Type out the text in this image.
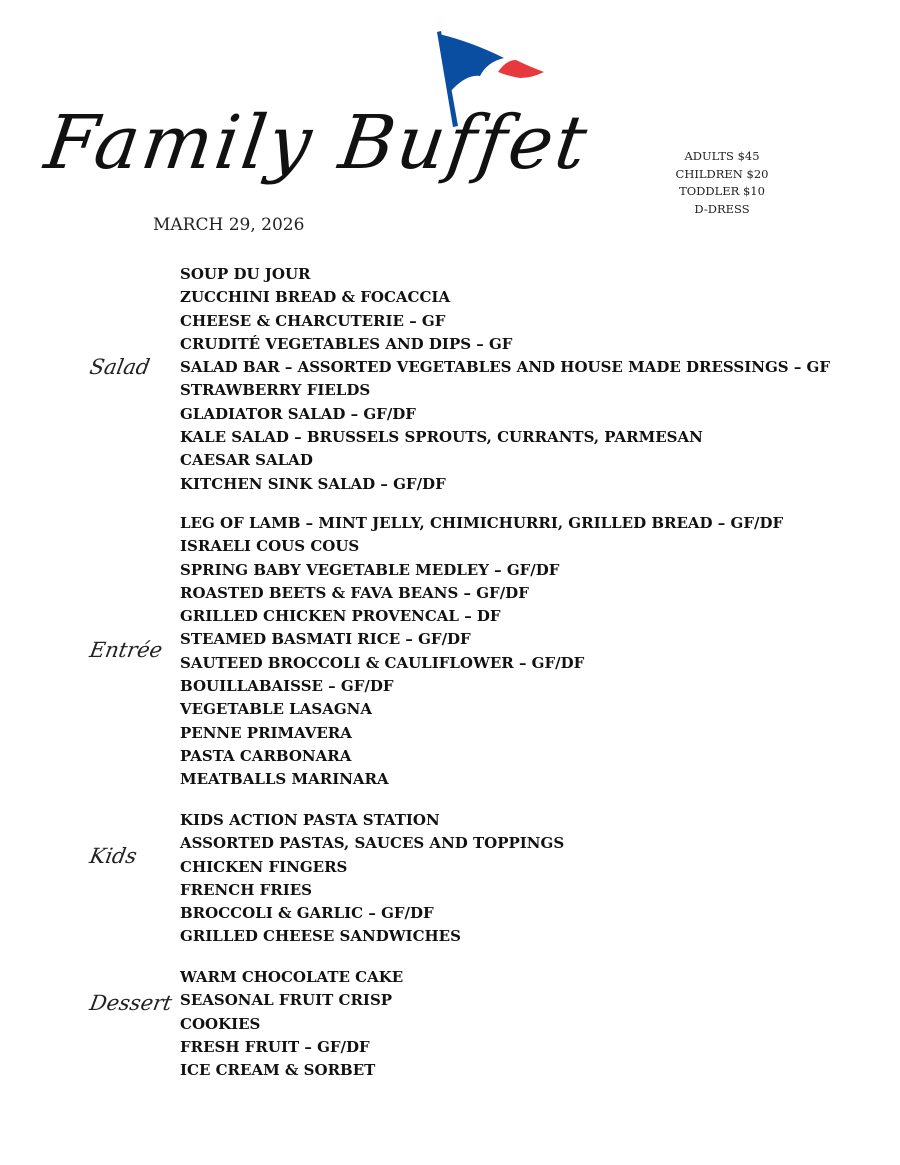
Family Buffet
MARCH 29, 2026
ADULTS $45
CHILDREN $20
TODDLER $10
D-DRESS
Salad
SOUP DU JOUR
ZUCCHINI BREAD & FOCACCIA
CHEESE & CHARCUTERIE – GF
CRUDITÉ VEGETABLES AND DIPS – GF
SALAD BAR – ASSORTED VEGETABLES AND HOUSE MADE DRESSINGS – GF
STRAWBERRY FIELDS
GLADIATOR SALAD – GF/DF
KALE SALAD – BRUSSELS SPROUTS, CURRANTS, PARMESAN
CAESAR SALAD
KITCHEN SINK SALAD – GF/DF
Entrée
LEG OF LAMB – MINT JELLY, CHIMICHURRI, GRILLED BREAD – GF/DF
ISRAELI COUS COUS
SPRING BABY VEGETABLE MEDLEY – GF/DF
ROASTED BEETS & FAVA BEANS – GF/DF
GRILLED CHICKEN PROVENCAL – DF
STEAMED BASMATI RICE – GF/DF
SAUTEED BROCCOLI & CAULIFLOWER – GF/DF
BOUILLABAISSE – GF/DF
VEGETABLE LASAGNA
PENNE PRIMAVERA
PASTA CARBONARA
MEATBALLS MARINARA
Kids
KIDS ACTION PASTA STATION
ASSORTED PASTAS, SAUCES AND TOPPINGS
CHICKEN FINGERS
FRENCH FRIES
BROCCOLI & GARLIC – GF/DF
GRILLED CHEESE SANDWICHES
Dessert
WARM CHOCOLATE CAKE
SEASONAL FRUIT CRISP
COOKIES
FRESH FRUIT – GF/DF
ICE CREAM & SORBET
